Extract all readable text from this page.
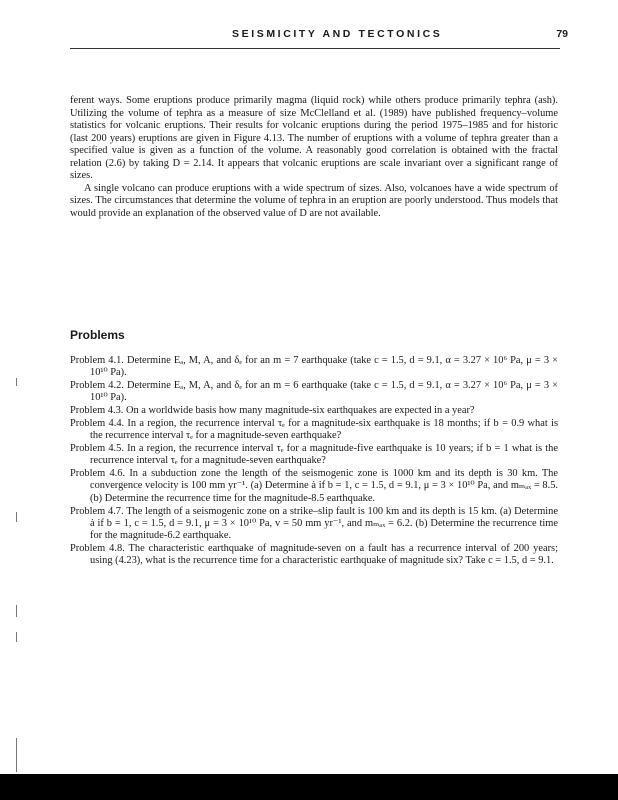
SEISMICITY AND TECTONICS	79

ferent ways. Some eruptions produce primarily magma (liquid rock) while others produce primarily tephra (ash). Utilizing the volume of tephra as a measure of size McClelland et al. (1989) have published frequency–volume statistics for volcanic eruptions. Their results for volcanic eruptions during the period 1975–1985 and for historic (last 200 years) eruptions are given in Figure 4.13. The number of eruptions with a volume of tephra greater than a specified value is given as a function of the volume. A reasonably good correlation is obtained with the fractal relation (2.6) by taking D = 2.14. It appears that volcanic eruptions are scale invariant over a significant range of sizes.

A single volcano can produce eruptions with a wide spectrum of sizes. Also, volcanoes have a wide spectrum of sizes. The circumstances that determine the volume of tephra in an eruption are poorly understood. Thus models that would provide an explanation of the observed value of D are not available.

Problems

Problem 4.1. Determine Eₐ, M, A, and δₑ for an m = 7 earthquake (take c = 1.5, d = 9.1, α = 3.27 × 10⁶ Pa, μ = 3 × 10¹⁰ Pa).

Problem 4.2. Determine Eₐ, M, A, and δₑ for an m = 6 earthquake (take c = 1.5, d = 9.1, α = 3.27 × 10⁶ Pa, μ = 3 × 10¹⁰ Pa).

Problem 4.3. On a worldwide basis how many magnitude-six earthquakes are expected in a year?

Problem 4.4. In a region, the recurrence interval τₑ for a magnitude-six earthquake is 18 months; if b = 0.9 what is the recurrence interval τₑ for a magnitude-seven earthquake?

Problem 4.5. In a region, the recurrence interval τₑ for a magnitude-five earthquake is 10 years; if b = 1 what is the recurrence interval τₑ for a magnitude-seven earthquake?

Problem 4.6. In a subduction zone the length of the seismogenic zone is 1000 km and its depth is 30 km. The convergence velocity is 100 mm yr⁻¹. (a) Determine ȧ if b = 1, c = 1.5, d = 9.1, μ = 3 × 10¹⁰ Pa, and mₘₐₓ = 8.5. (b) Determine the recurrence time for the magnitude-8.5 earthquake.

Problem 4.7. The length of a seismogenic zone on a strike–slip fault is 100 km and its depth is 15 km. (a) Determine ȧ if b = 1, c = 1.5, d = 9.1, μ = 3 × 10¹⁰ Pa, v = 50 mm yr⁻¹, and mₘₐₓ = 6.2. (b) Determine the recurrence time for the magnitude-6.2 earthquake.

Problem 4.8. The characteristic earthquake of magnitude-seven on a fault has a recurrence interval of 200 years; using (4.23), what is the recurrence time for a characteristic earthquake of magnitude six? Take c = 1.5, d = 9.1.
